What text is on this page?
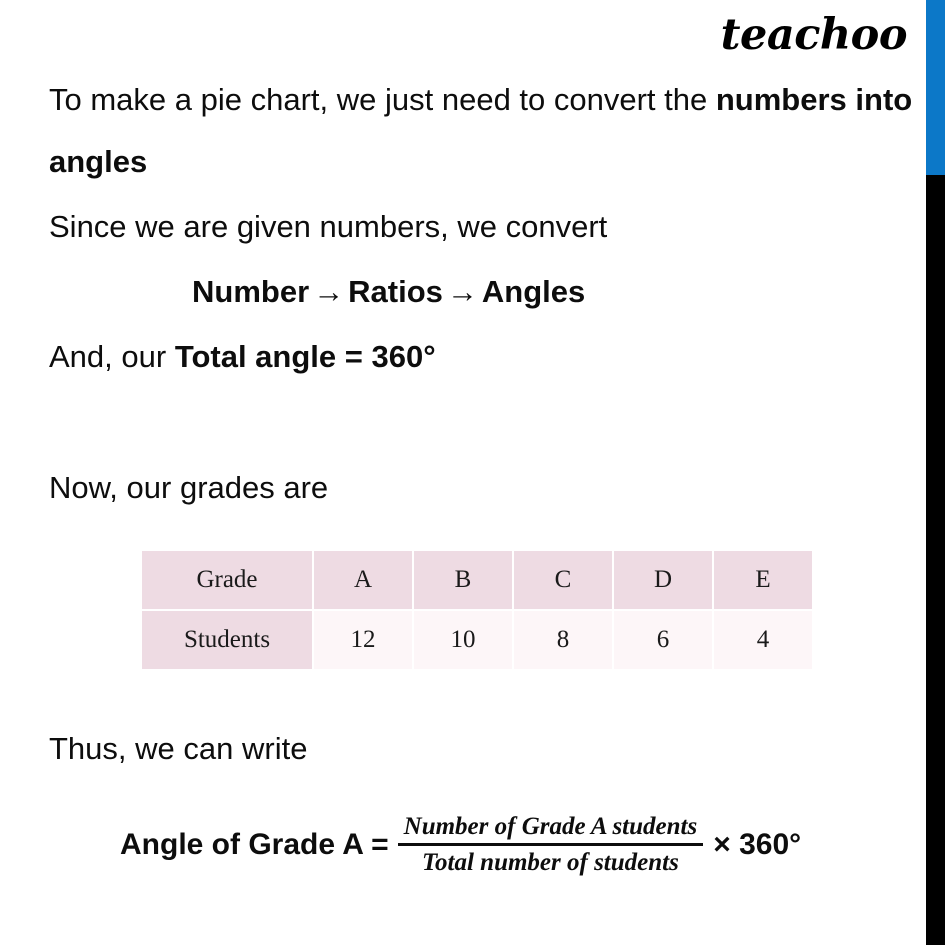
teachoo
To make a pie chart, we just need to convert the numbers into
angles
Since we are given numbers, we convert
Number → Ratios → Angles
And, our Total angle = 360°
Now, our grades are
Grade	A	B	C	D	E
Students	12	10	8	6	4
Thus, we can write
Angle of Grade $A = \frac{\text{Number of Grade A students}}{\text{Total number of students}} \times 360^\circ$
